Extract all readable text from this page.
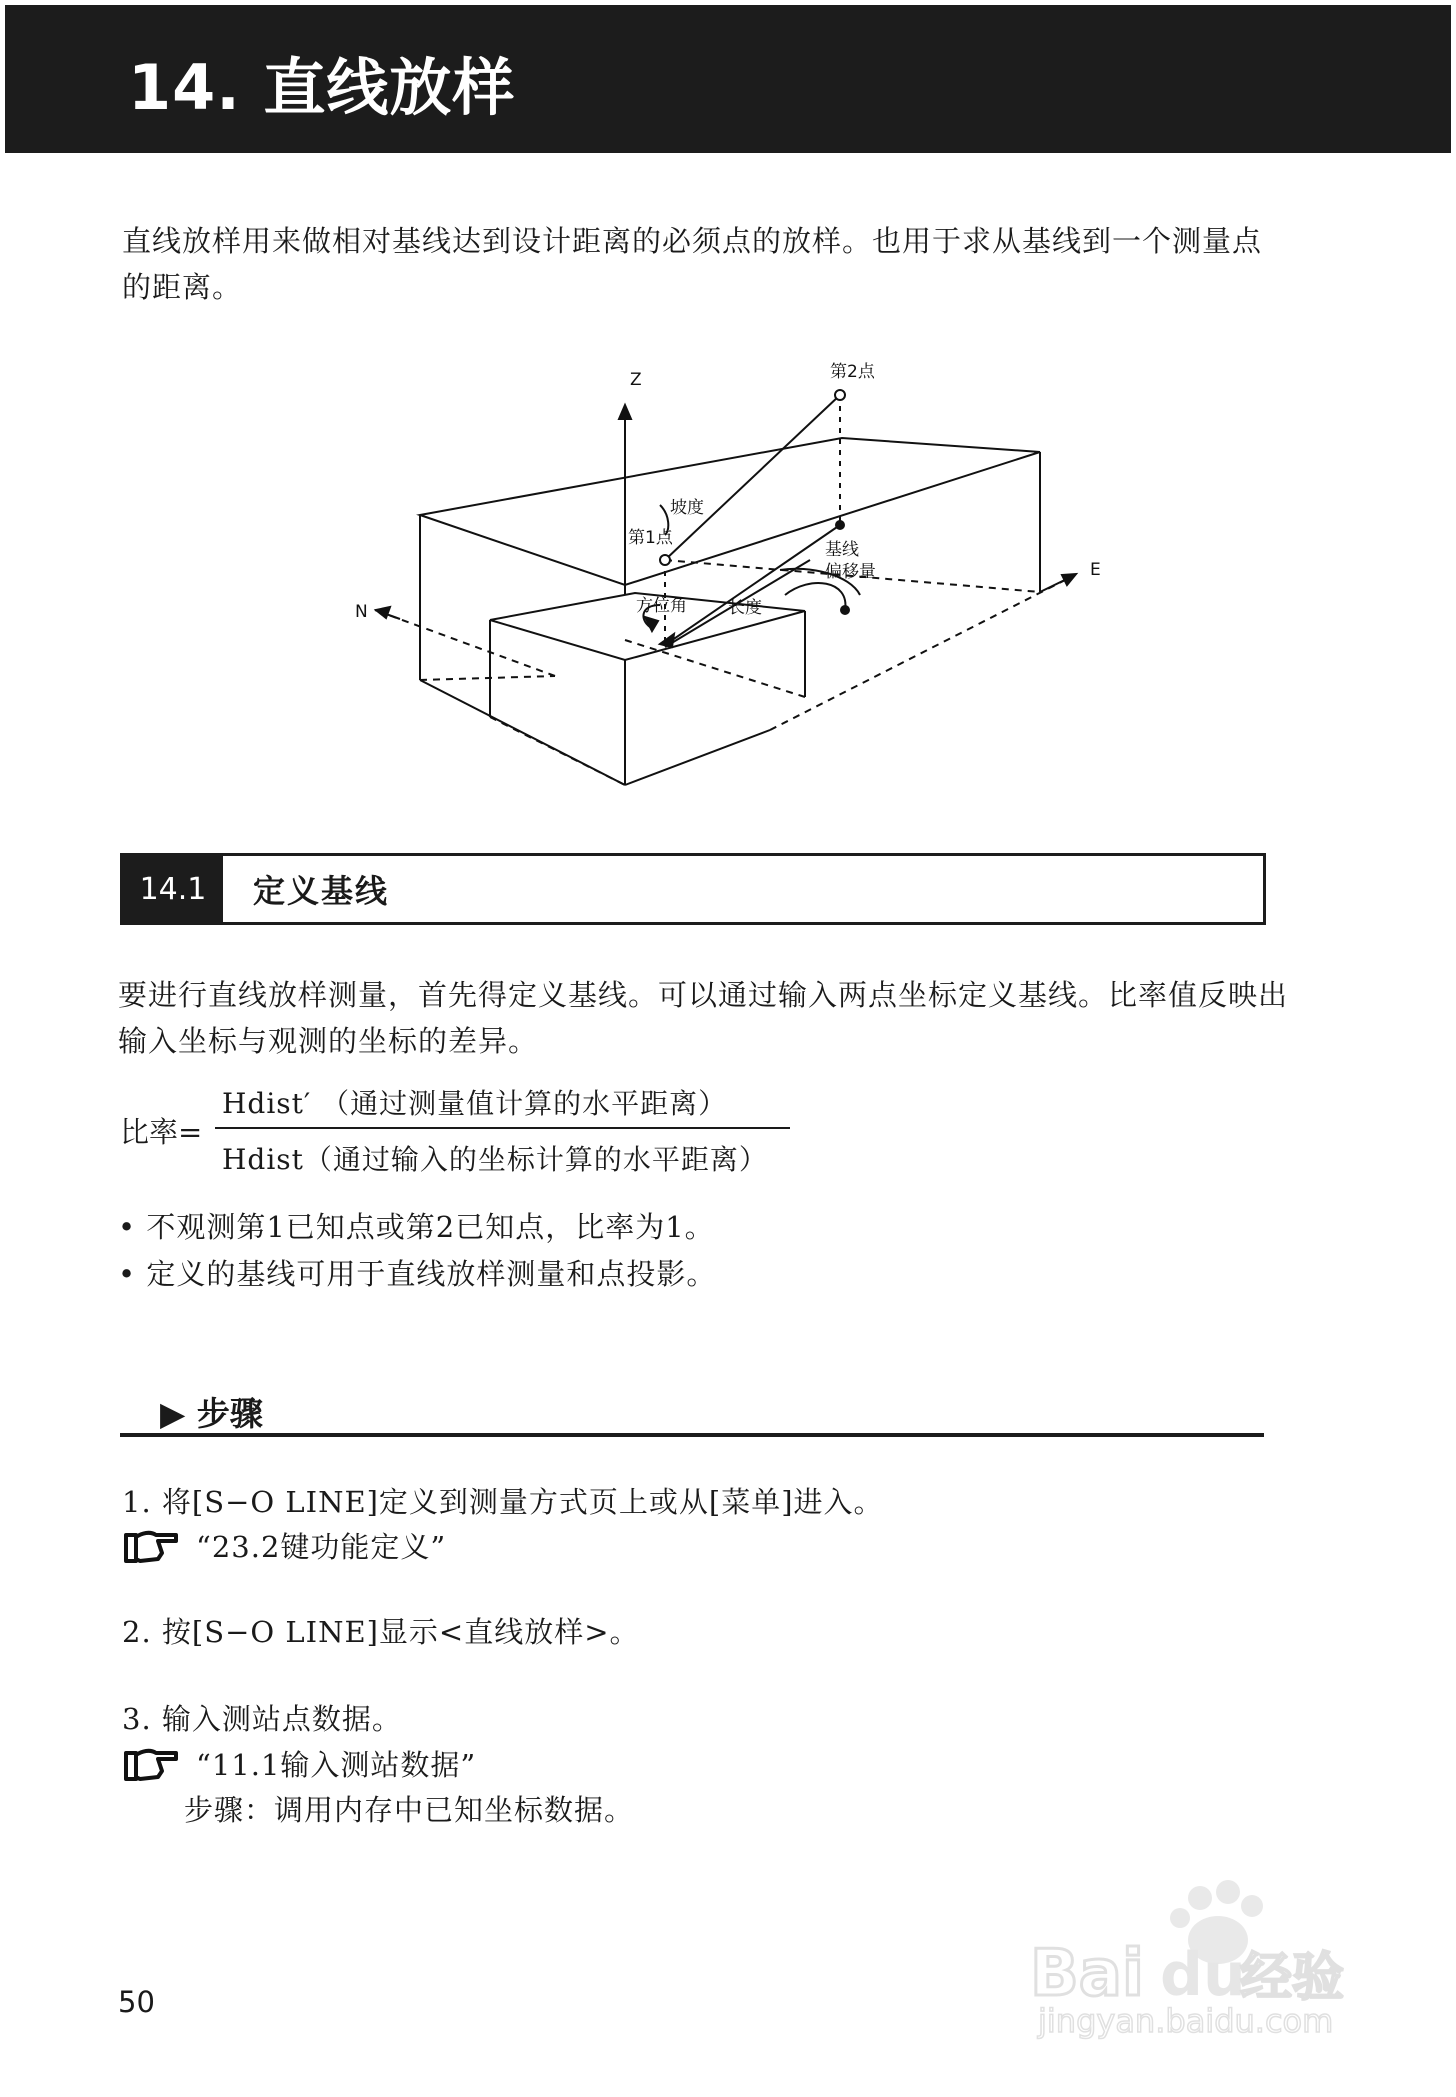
14. 直线放样
直线放样用来做相对基线达到设计距离的必须点的放样。也用于求从基线到一个测量点的距离。
Z
E
N
第2点
第1点
坡度
基线
偏移量
方位角 长度
14.1	定义基线
要进行直线放样测量，首先得定义基线。可以通过输入两点坐标定义基线。比率值反映出输入坐标与观测的坐标的差异。
比率=
Hdist′ （通过测量值计算的水平距离）
Hdist（通过输入的坐标计算的水平距离）
• 不观测第1已知点或第2已知点，比率为1。
• 定义的基线可用于直线放样测量和点投影。
▶ 步骤
1. 将[S−O LINE]定义到测量方式页上或从[菜单]进入。
“23.2键功能定义”
2. 按[S−O LINE]显示<直线放样>。
3. 输入测站点数据。
“11.1输入测站数据”
步骤：调用内存中已知坐标数据。
50	Bai du
经验
jingyan.baidu.com
